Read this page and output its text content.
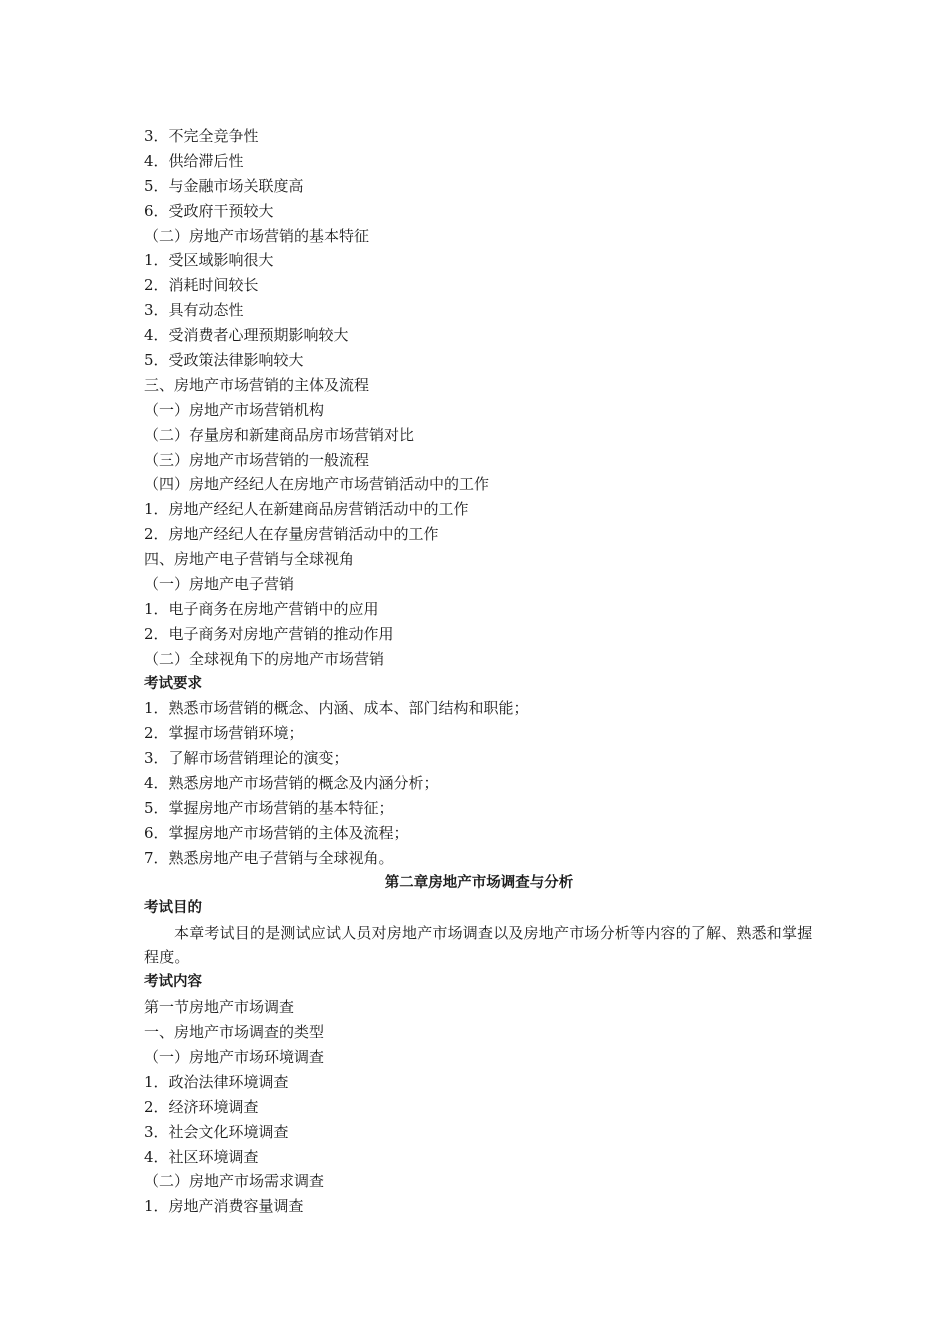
3．不完全竞争性
4．供给滞后性
5．与金融市场关联度高
6．受政府干预较大
（二）房地产市场营销的基本特征
1．受区域影响很大
2．消耗时间较长
3．具有动态性
4．受消费者心理预期影响较大
5．受政策法律影响较大
三、房地产市场营销的主体及流程
（一）房地产市场营销机构
（二）存量房和新建商品房市场营销对比
（三）房地产市场营销的一般流程
（四）房地产经纪人在房地产市场营销活动中的工作
1．房地产经纪人在新建商品房营销活动中的工作
2．房地产经纪人在存量房营销活动中的工作
四、房地产电子营销与全球视角
（一）房地产电子营销
1．电子商务在房地产营销中的应用
2．电子商务对房地产营销的推动作用
（二）全球视角下的房地产市场营销
考试要求
1．熟悉市场营销的概念、内涵、成本、部门结构和职能；
2．掌握市场营销环境；
3．了解市场营销理论的演变；
4．熟悉房地产市场营销的概念及内涵分析；
5．掌握房地产市场营销的基本特征；
6．掌握房地产市场营销的主体及流程；
7．熟悉房地产电子营销与全球视角。
第二章房地产市场调查与分析
考试目的
本章考试目的是测试应试人员对房地产市场调查以及房地产市场分析等内容的了解、熟悉和掌握程度。
考试内容
第一节房地产市场调查
一、房地产市场调查的类型
（一）房地产市场环境调查
1．政治法律环境调查
2．经济环境调查
3．社会文化环境调查
4．社区环境调查
（二）房地产市场需求调查
1．房地产消费容量调查
